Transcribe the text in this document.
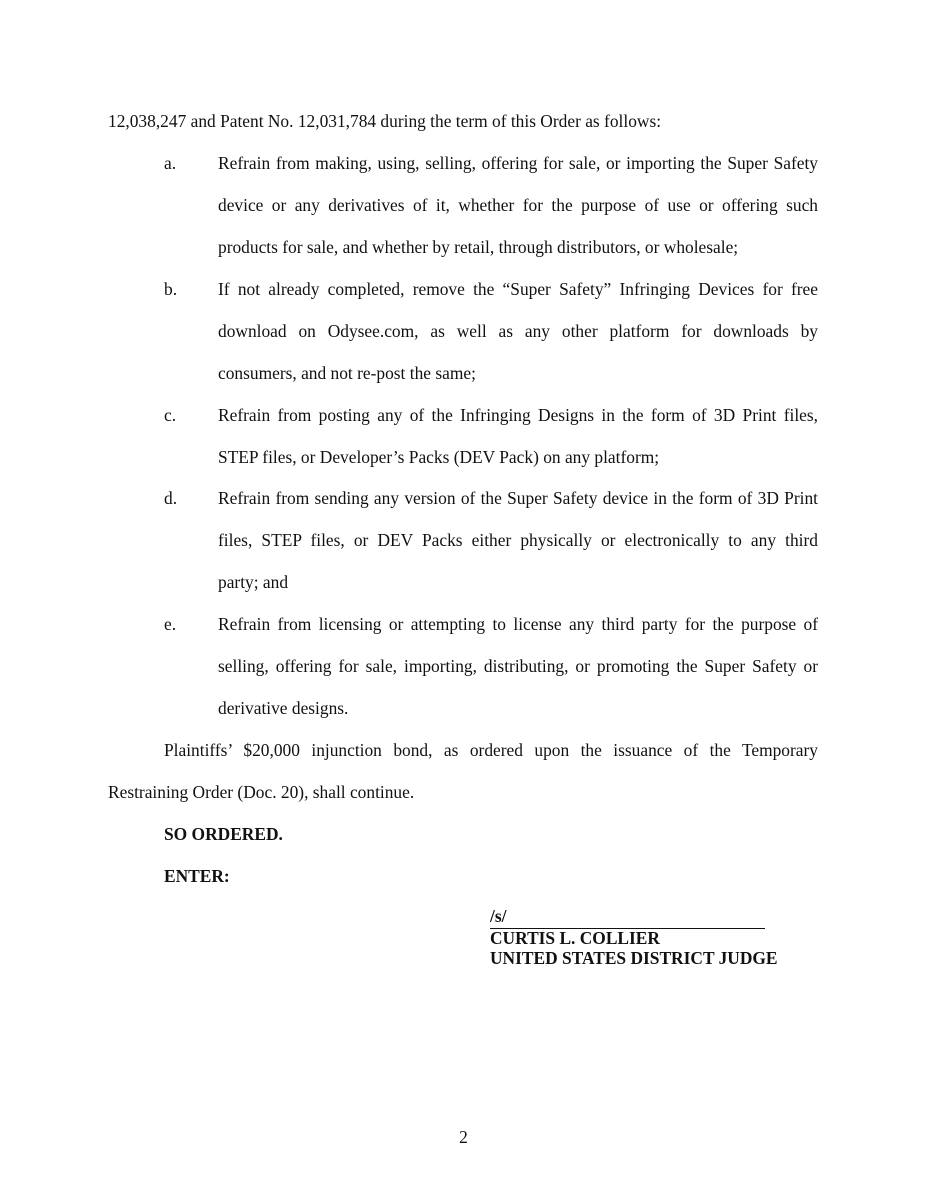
12,038,247 and Patent No. 12,031,784 during the term of this Order as follows:
a. Refrain from making, using, selling, offering for sale, or importing the Super Safety
device or any derivatives of it, whether for the purpose of use or offering such
products for sale, and whether by retail, through distributors, or wholesale;
b. If not already completed, remove the “Super Safety” Infringing Devices for free
download on Odysee.com, as well as any other platform for downloads by
consumers, and not re-post the same;
c. Refrain from posting any of the Infringing Designs in the form of 3D Print files,
STEP files, or Developer’s Packs (DEV Pack) on any platform;
d. Refrain from sending any version of the Super Safety device in the form of 3D Print
files, STEP files, or DEV Packs either physically or electronically to any third
party; and
e. Refrain from licensing or attempting to license any third party for the purpose of
selling, offering for sale, importing, distributing, or promoting the Super Safety or
derivative designs.
Plaintiffs’ $20,000 injunction bond, as ordered upon the issuance of the Temporary
Restraining Order (Doc. 20), shall continue.
SO ORDERED.
ENTER:
/s/
CURTIS L. COLLIER
UNITED STATES DISTRICT JUDGE
2
